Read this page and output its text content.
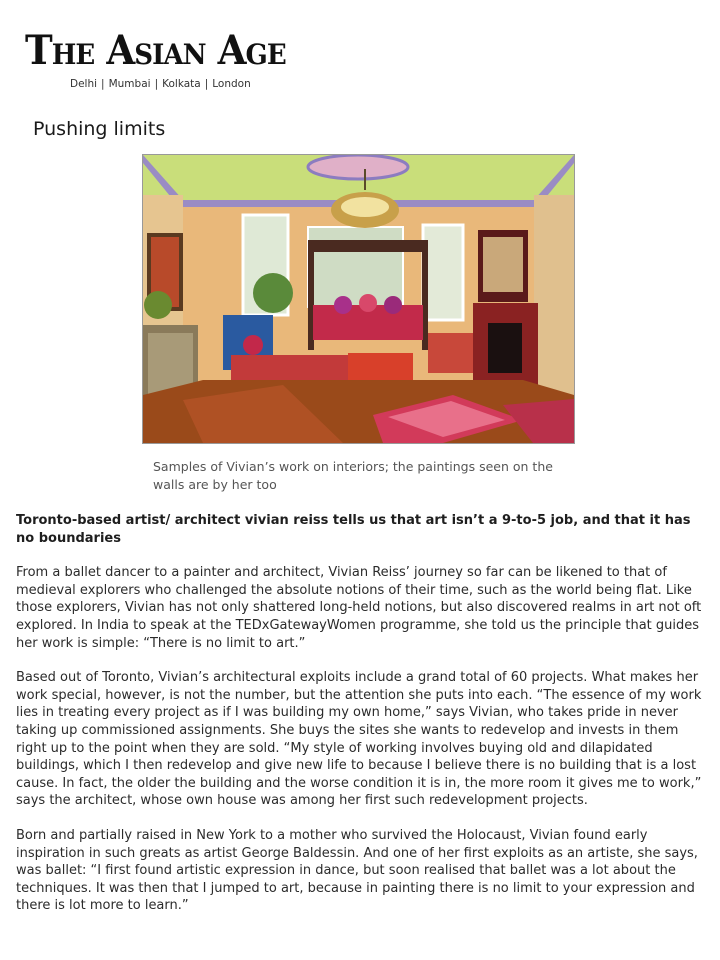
The Asian Age
Delhi | Mumbai | Kolkata | London
Pushing limits
Samples of Vivian’s work on interiors; the paintings seen on the walls are by her too

Toronto-based artist/ architect vivian reiss tells us that art isn’t a 9-to-5 job, and that it has no boundaries

From a ballet dancer to a painter and architect, Vivian Reiss’ journey so far can be likened to that of medieval explorers who challenged the absolute notions of their time, such as the world being flat. Like those explorers, Vivian has not only shattered long-held notions, but also discovered realms in art not oft explored. In India to speak at the TEDxGatewayWomen programme, she told us the principle that guides her work is simple: “There is no limit to art.”

Based out of Toronto, Vivian’s architectural exploits include a grand total of 60 projects. What makes her work special, however, is not the number, but the attention she puts into each. “The essence of my work lies in treating every project as if I was building my own home,” says Vivian, who takes pride in never taking up commissioned assignments. She buys the sites she wants to redevelop and invests in them right up to the point when they are sold. “My style of working involves buying old and dilapidated buildings, which I then redevelop and give new life to because I believe there is no building that is a lost cause. In fact, the older the building and the worse condition it is in, the more room it gives me to work,” says the architect, whose own house was among her first such redevelopment projects.

Born and partially raised in New York to a mother who survived the Holocaust, Vivian found early inspiration in such greats as artist George Baldessin. And one of her first exploits as an artiste, she says, was ballet: “I first found artistic expression in dance, but soon realised that ballet was a lot about the techniques. It was then that I jumped to art, because in painting there is no limit to your expression and there is lot more to learn.”
